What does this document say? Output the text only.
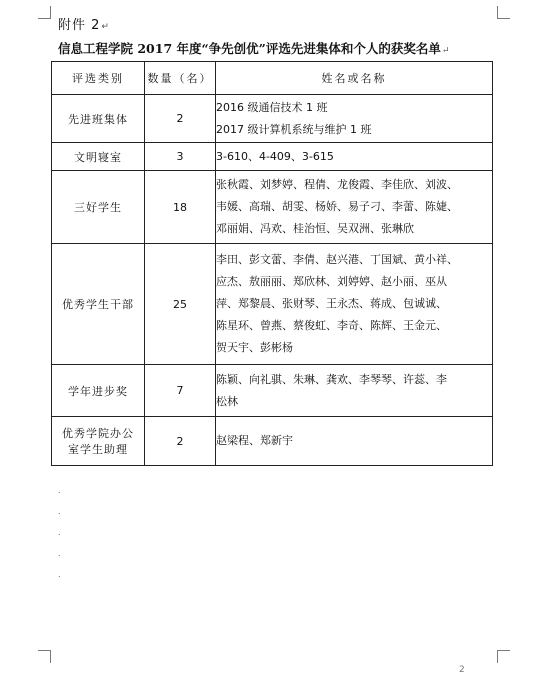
附件 2↵
信息工程学院 2017 年度“争先创优”评选先进集体和个人的获奖名单↵
评选类别	数量（名）	姓名或名称
先进班集体	2	2016 级通信技术 1 班
2017 级计算机系统与维护 1 班

文明寝室	3	3-610、4-409、3-615

三好学生	18	张秋霞、刘梦婷、程倩、龙俊霞、李佳欣、刘波、
韦媛、高瑞、胡雯、杨娇、易子刁、李蕾、陈婕、
邓丽娟、冯欢、桂治恒、吴双洲、张琳欣

优秀学生干部	25	李田、彭文蕾、李倩、赵兴港、丁国斌、黄小祥、
应杰、敖丽丽、郑欣林、刘婷婷、赵小丽、巫从
萍、郑黎晨、张财琴、王永杰、蒋成、包诚诚、
陈星环、曾燕、蔡俊虹、李奇、陈辉、王金元、
贺天宇、彭彬杨

学年进步奖	7	陈颖、向礼骐、朱琳、龚欢、李琴琴、许蕊、李
松林

优秀学院办公室学生助理	2	赵梁程、郑新宇
.
.
.
.
.
2
